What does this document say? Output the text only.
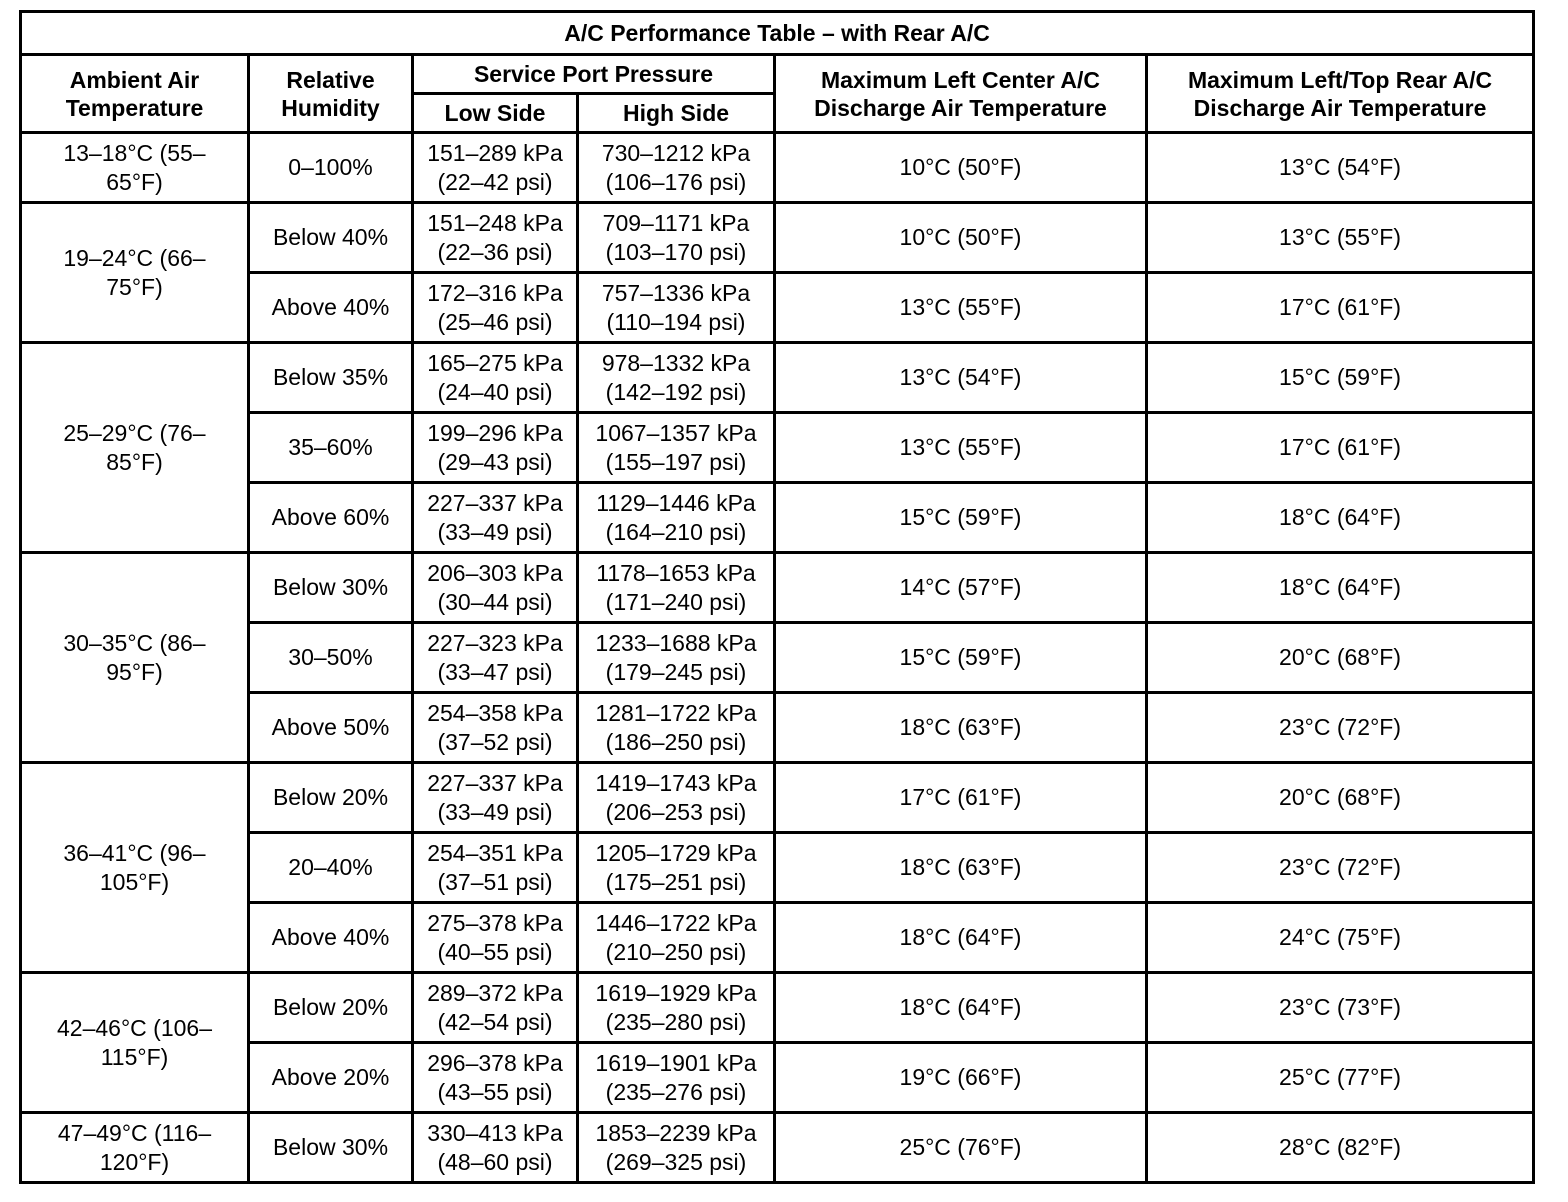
A/C Performance Table – with Rear A/C					

Ambient Air
Temperature	Relative
Humidity	Service Port Pressure		Maximum Left Center A/C
Discharge Air Temperature	Maximum Left/Top Rear A/C
Discharge Air Temperature

		Low Side	High Side		

13–18°C (55–
65°F)	0–100%	151–289 kPa
(22–42 psi)	730–1212 kPa
(106–176 psi)	10°C (50°F)	13°C (54°F)

19–24°C (66–
75°F)	Below 40%	151–248 kPa
(22–36 psi)	709–1171 kPa
(103–170 psi)	10°C (50°F)	13°C (55°F)
	Above 40%	172–316 kPa
(25–46 psi)	757–1336 kPa
(110–194 psi)	13°C (55°F)	17°C (61°F)

25–29°C (76–
85°F)	Below 35%	165–275 kPa
(24–40 psi)	978–1332 kPa
(142–192 psi)	13°C (54°F)	15°C (59°F)
	35–60%	199–296 kPa
(29–43 psi)	1067–1357 kPa
(155–197 psi)	13°C (55°F)	17°C (61°F)
	Above 60%	227–337 kPa
(33–49 psi)	1129–1446 kPa
(164–210 psi)	15°C (59°F)	18°C (64°F)

30–35°C (86–
95°F)	Below 30%	206–303 kPa
(30–44 psi)	1178–1653 kPa
(171–240 psi)	14°C (57°F)	18°C (64°F)
	30–50%	227–323 kPa
(33–47 psi)	1233–1688 kPa
(179–245 psi)	15°C (59°F)	20°C (68°F)
	Above 50%	254–358 kPa
(37–52 psi)	1281–1722 kPa
(186–250 psi)	18°C (63°F)	23°C (72°F)

36–41°C (96–
105°F)	Below 20%	227–337 kPa
(33–49 psi)	1419–1743 kPa
(206–253 psi)	17°C (61°F)	20°C (68°F)
	20–40%	254–351 kPa
(37–51 psi)	1205–1729 kPa
(175–251 psi)	18°C (63°F)	23°C (72°F)
	Above 40%	275–378 kPa
(40–55 psi)	1446–1722 kPa
(210–250 psi)	18°C (64°F)	24°C (75°F)

42–46°C (106–
115°F)	Below 20%	289–372 kPa
(42–54 psi)	1619–1929 kPa
(235–280 psi)	18°C (64°F)	23°C (73°F)
	Above 20%	296–378 kPa
(43–55 psi)	1619–1901 kPa
(235–276 psi)	19°C (66°F)	25°C (77°F)

47–49°C (116–
120°F)	Below 30%	330–413 kPa
(48–60 psi)	1853–2239 kPa
(269–325 psi)	25°C (76°F)	28°C (82°F)
